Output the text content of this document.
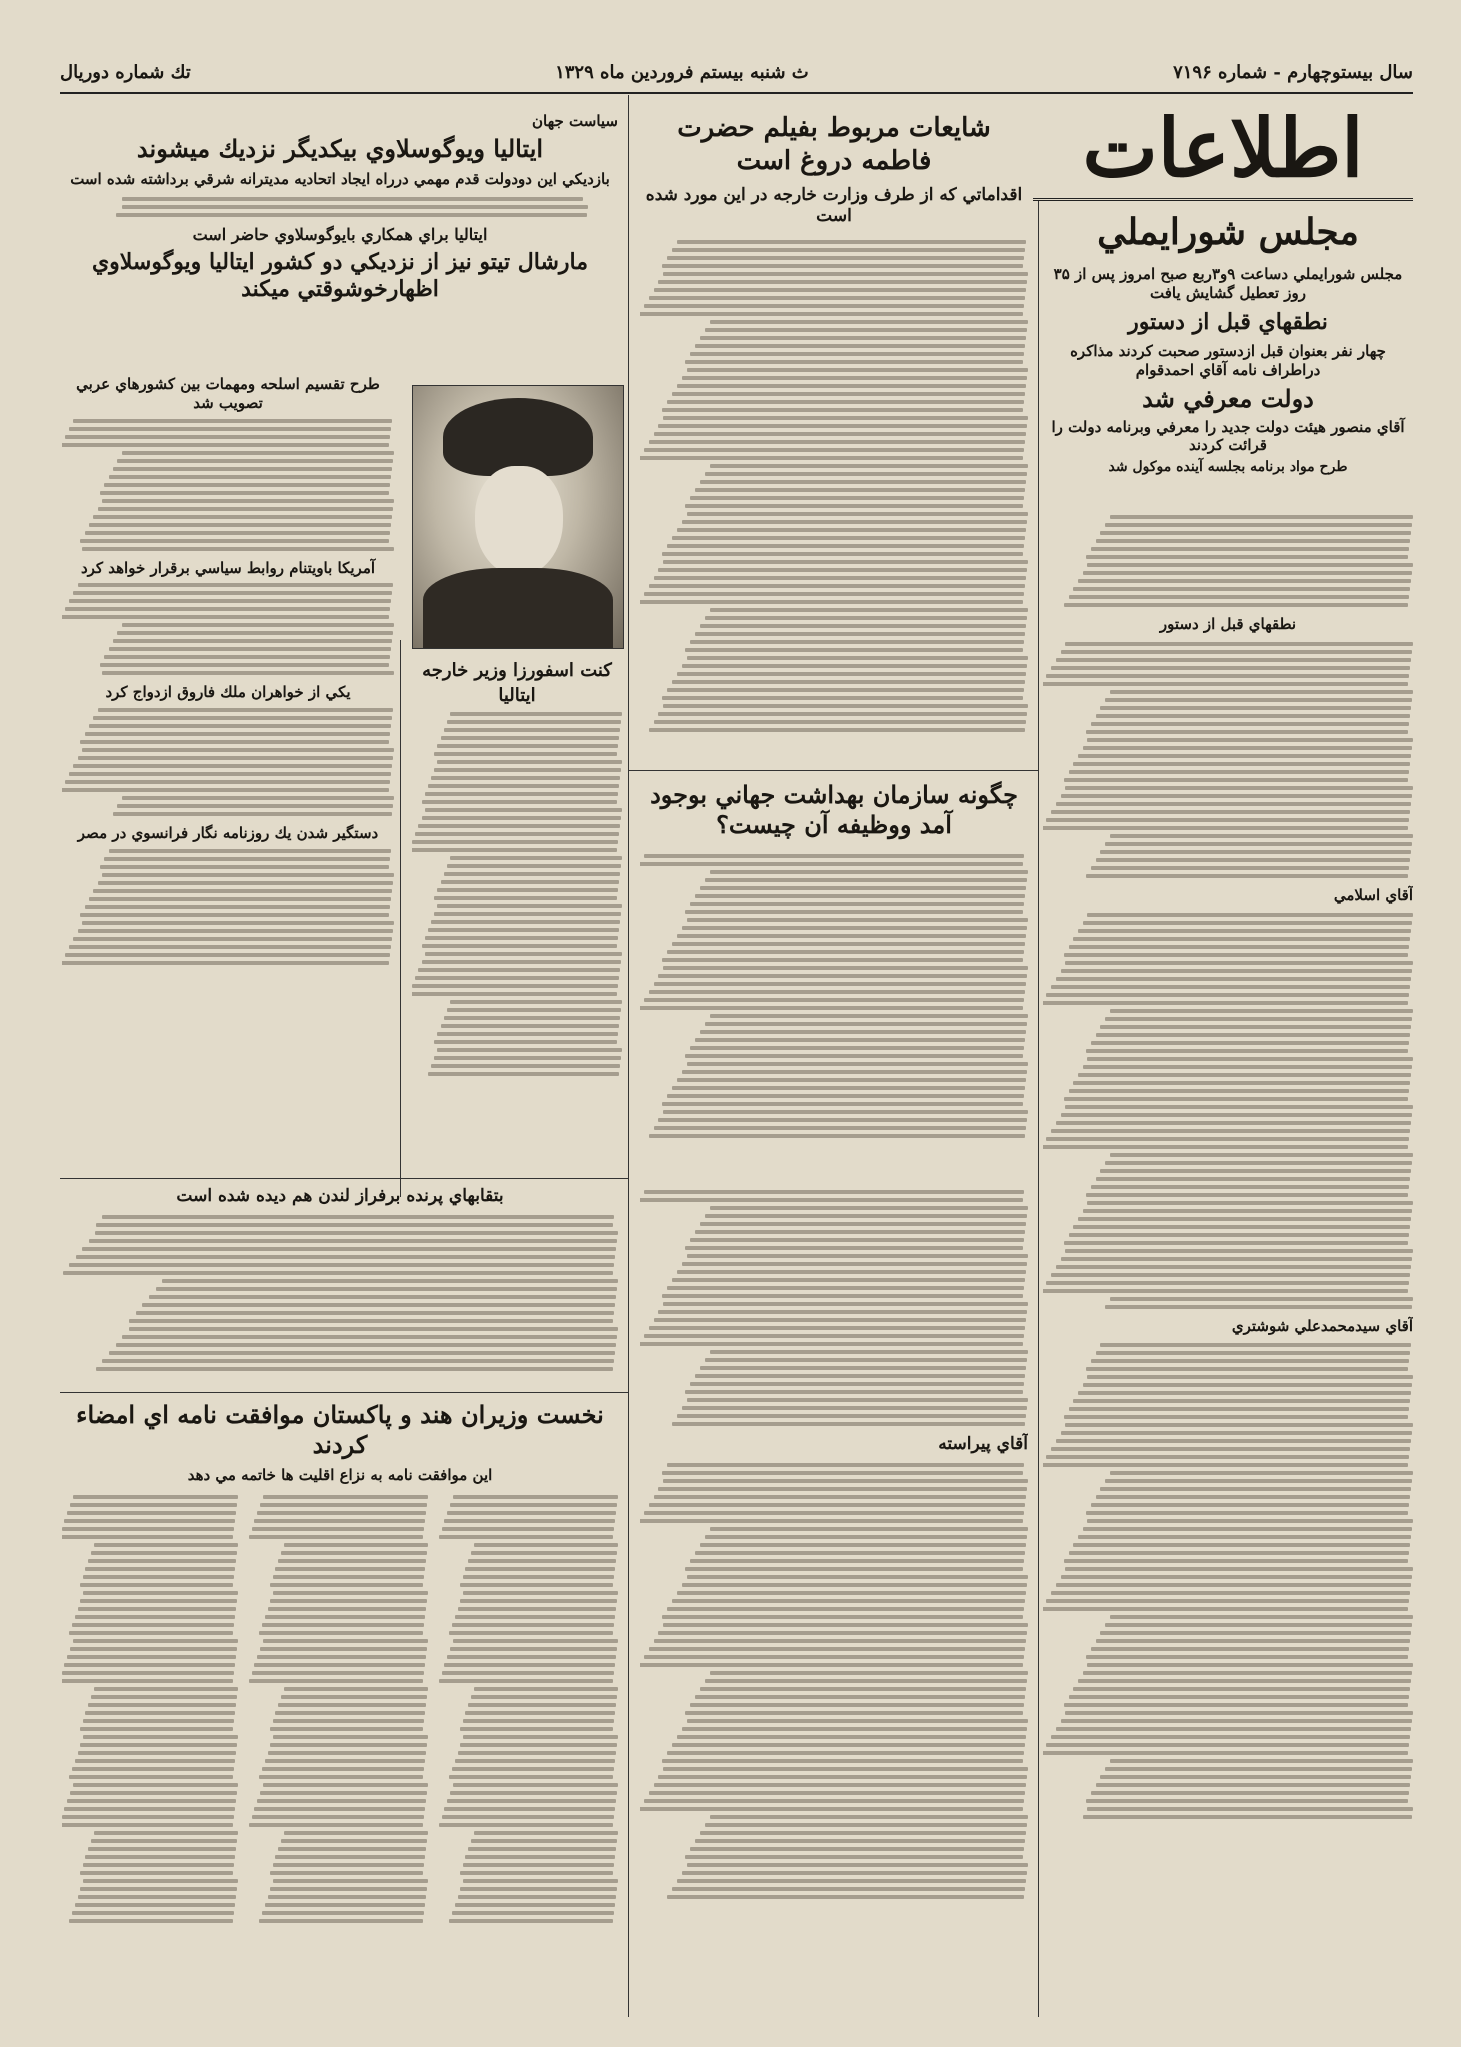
سال بيستوچهارم - شماره ۷۱۹۶
ث شنبه بيستم فروردين ماه ۱۳۲۹
تك شماره دوريال
اطلاعات
مجلس شورايملي
مجلس شورايملي دساعت ۹و۳ربع صبح امروز پس از ۳۵ روز تعطيل گشايش يافت
نطقهاي قبل از دستور
چهار نفر بعنوان قبل ازدستور صحبت كردند مذاكره دراطراف نامه آقاي احمدقوام
دولت معرفي شد
آقاي منصور هيئت دولت جديد را معرفي وبرنامه دولت را قرائت كردند
طرح مواد برنامه بجلسه آينده موكول شد
نطقهاي قبل از دستور
آقاي اسلامي
آقاي سيدمحمدعلي شوشتري
شايعات مربوط بفيلم حضرت فاطمه دروغ است
اقداماتي كه از طرف وزارت خارجه در اين مورد شده است
چگونه سازمان بهداشت جهاني بوجود آمد ووظيفه آن چيست؟
آقاي پيراسته
سياست جهان
ايتاليا ويوگوسلاوي بيكديگر نزديك ميشوند
بازديكي اين دودولت قدم مهمي درراه ايجاد اتحاديه مديترانه شرقي برداشته شده است
ايتاليا براي همكاري بايوگوسلاوي حاضر است
مارشال تيتو نيز از نزديكي دو كشور ايتاليا ويوگوسلاوي اظهارخوشوقتي ميكند
طرح تقسيم اسلحه ومهمات بين كشورهاي عربي تصويب شد
آمريكا باويتنام روابط سياسي برقرار خواهد كرد
يكي از خواهران ملك فاروق ازدواج كرد
دستگير شدن يك روزنامه نگار فرانسوي در مصر
كنت اسفورزا وزير خارجه ايتاليا
بتقابهاي پرنده برفراز لندن هم ديده شده است
نخست وزيران هند و پاكستان موافقت نامه اي امضاء كردند
اين موافقت نامه به نزاع اقليت ها خاتمه مي دهد
